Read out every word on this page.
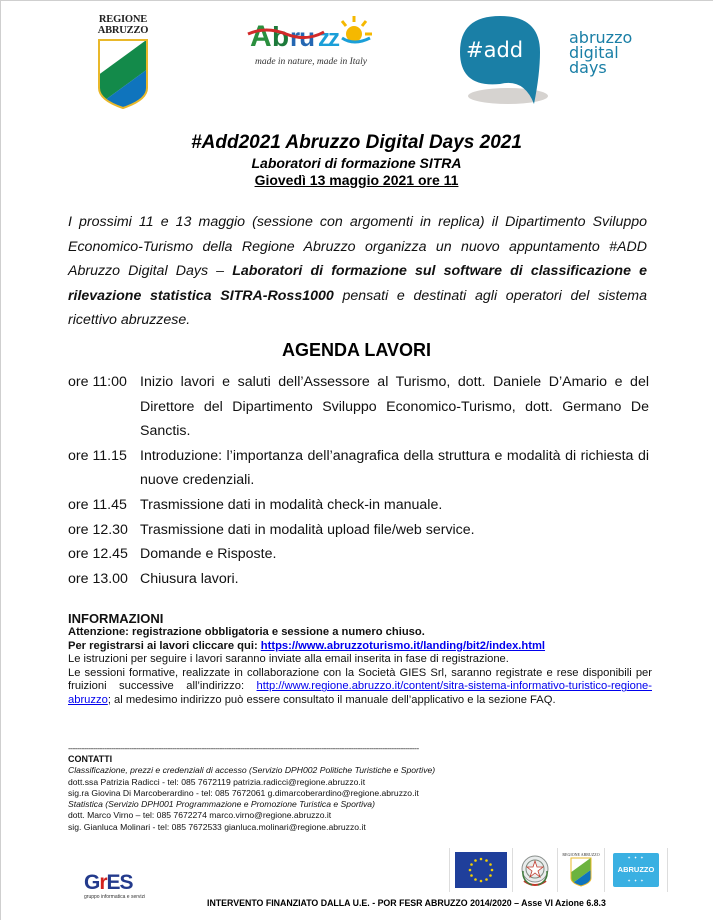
REGIONE
ABRUZZO	A b ru zz
made in nature, made in Italy	#add
abruzzo
digital
days
#Add2021 Abruzzo Digital Days 2021
Laboratori di formazione SITRA
Giovedì 13 maggio 2021 ore 11
I prossimi 11 e 13 maggio (sessione con argomenti in replica) il Dipartimento Sviluppo Economico-Turismo della Regione Abruzzo organizza un nuovo appuntamento #ADD Abruzzo Digital Days – Laboratori di formazione sul software di classificazione e rilevazione statistica SITRA-Ross1000 pensati e destinati agli operatori del sistema ricettivo abruzzese.
AGENDA LAVORI
ore 11:00 Inizio lavori e saluti dell’Assessore al Turismo, dott. Daniele D’Amario e del Direttore del Dipartimento Sviluppo Economico-Turismo, dott. Germano De Sanctis.
ore 11.15 Introduzione: l’importanza dell’anagrafica della struttura e modalità di richiesta di nuove credenziali.
ore 11.45 Trasmissione dati in modalità check-in manuale.
ore 12.30 Trasmissione dati in modalità upload file/web service.
ore 12.45 Domande e Risposte.
ore 13.00 Chiusura lavori.
INFORMAZIONI

Attenzione: registrazione obbligatoria e sessione a numero chiuso.

Per registrarsi ai lavori cliccare qui: https://www.abruzzoturismo.it/landing/bit2/index.html

Le istruzioni per seguire i lavori saranno inviate alla email inserita in fase di registrazione.

Le sessioni formative, realizzate in collaborazione con la Società GIES Srl, saranno registrate e rese disponibili per fruizioni successive all’indirizzo: http://www.regione.abruzzo.it/content/sitra-sistema-informativo-turistico-regione-abruzzo; al medesimo indirizzo può essere consultato il manuale dell’applicativo e la sezione FAQ.

-----------------------------------------------------------------------------------------------------------------------------------------------------------
CONTATTI
Classificazione, prezzi e credenziali di accesso (Servizio DPH002 Politiche Turistiche e Sportive)
dott.ssa Patrizia Radicci - tel: 085 7672119 patrizia.radicci@regione.abruzzo.it
sig.ra Giovina Di Marcoberardino - tel: 085 7672061 g.dimarcoberardino@regione.abruzzo.it
Statistica (Servizio DPH001 Programmazione e Promozione Turistica e Sportiva)
dott. Marco Virno – tel: 085 7672274 marco.virno@regione.abruzzo.it
sig. Gianluca Molinari - tel: 085 7672533 gianluca.molinari@regione.abruzzo.it
GrES
gruppo informatica e servizi
INTERVENTO FINANZIATO DALLA U.E. - POR FESR ABRUZZO 2014/2020 – Asse VI Azione 6.8.3
REGIONE ABRUZZO
✦ ✦ ✦
ABRUZZO
✦ ✦ ✦
